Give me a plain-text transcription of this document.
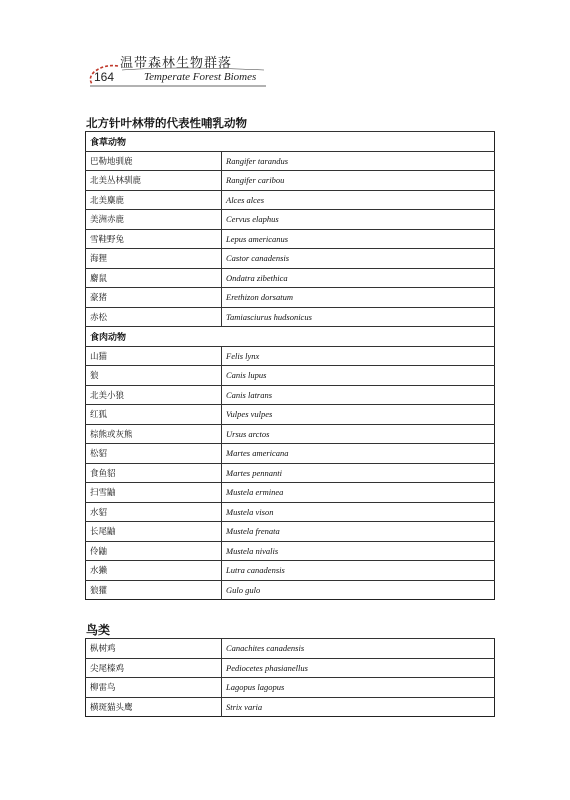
温带森林生物群落
164	Temperate Forest Biomes
北方针叶林带的代表性哺乳动物
食草动物	
巴勒地驯鹿	Rangifer tarandus
北美丛林驯鹿	Rangifer caribou
北美麋鹿	Alces alces
美洲赤鹿	Cervus elaphus
雪鞋野兔	Lepus americanus
海狸	Castor canadensis
麝鼠	Ondatra zibethica
豪猪	Erethizon dorsatum
赤松	Tamiasciurus hudsonicus
食肉动物	
山猫	Felis lynx
狼	Canis lupus
北美小狼	Canis latrans
红狐	Vulpes vulpes
棕熊或灰熊	Ursus arctos
松貂	Martes americana
食鱼貂	Martes pennanti
扫雪鼬	Mustela erminea
水貂	Mustela vison
长尾鼬	Mustela frenata
伶鼬	Mustela nivalis
水獭	Lutra canadensis
狼獾	Gulo gulo
鸟类
枞树鸡	Canachites canadensis
尖尾榛鸡	Pediocetes phasianellus
柳雷鸟	Lagopus lagopus
横斑猫头鹰	Strix varia
